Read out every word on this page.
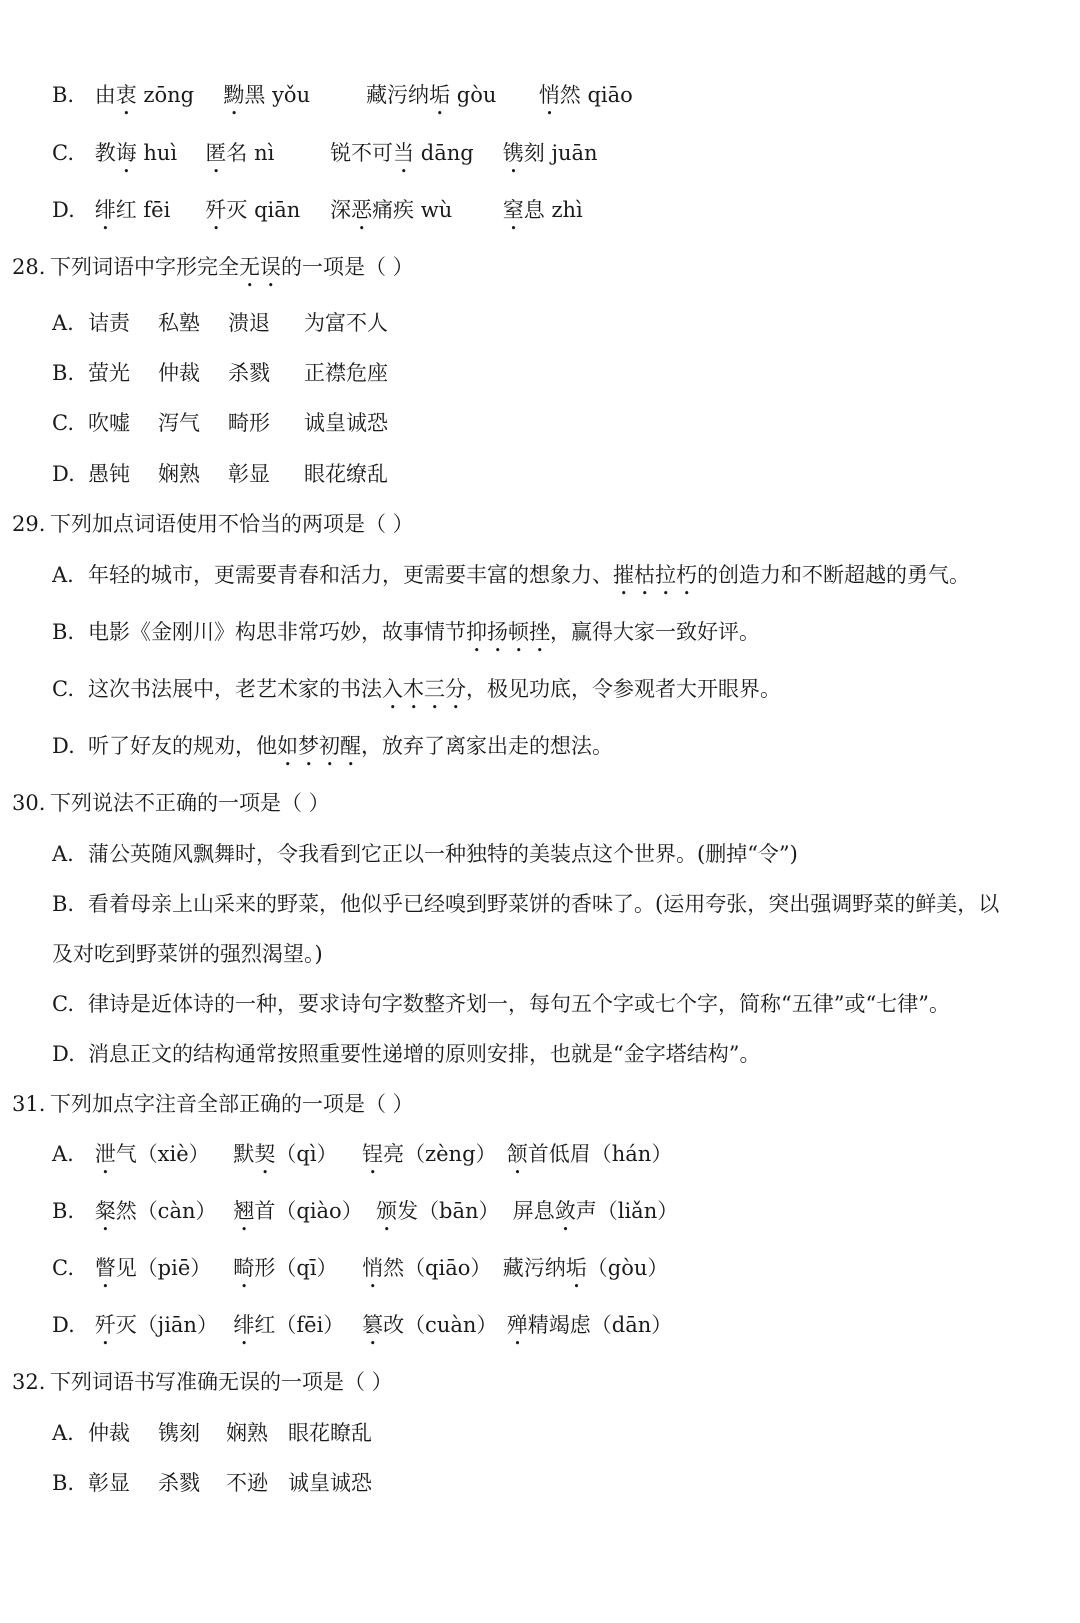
B. 由衷 zōng 黝黑 yǒu	藏污纳垢 gòu 悄然 qiāo
C. 教诲 huì 匿名 nì	锐不可当 dāng 镌刻 juān
D. 绯红 fēi 歼灭 qiān 深恶痛疾 wù 窒息 zhì
28. 下列词语中字形完全无误的一项是（ ）
A. 诘责 私塾 溃退 为富不人
B. 萤光 仲裁 杀戮 正襟危座
C. 吹嘘 泻气 畸形 诚皇诚恐
D. 愚钝 娴熟 彰显 眼花缭乱
29. 下列加点词语使用不恰当的两项是（ ）
A. 年轻的城市，更需要青春和活力，更需要丰富的想象力、摧枯拉朽的创造力和不断超越的勇气。
B. 电影《金刚川》构思非常巧妙，故事情节抑扬顿挫，赢得大家一致好评。
C. 这次书法展中，老艺术家的书法入木三分，极见功底，令参观者大开眼界。
D. 听了好友的规劝，他如梦初醒，放弃了离家出走的想法。
30. 下列说法不正确的一项是（ ）
A. 蒲公英随风飘舞时，令我看到它正以一种独特的美装点这个世界。(删掉“令”)
B. 看着母亲上山采来的野菜，他似乎已经嗅到野菜饼的香味了。(运用夸张，突出强调野菜的鲜美，以
及对吃到野菜饼的强烈渴望。)
C. 律诗是近体诗的一种，要求诗句字数整齐划一，每句五个字或七个字，简称“五律”或“七律”。
D. 消息正文的结构通常按照重要性递增的原则安排，也就是“金字塔结构”。
31. 下列加点字注音全部正确的一项是（ ）
A. 泄气（xiè） 默契（qì） 锃亮（zèng） 颔首低眉（hán）
B. 粲然（càn） 翘首（qiào） 颁发（bān） 屏息敛声（liǎn）
C. 瞥见（piē） 畸形（qī） 悄然（qiāo） 藏污纳垢（gòu）
D. 歼灭（jiān） 绯红（fēi） 篡改（cuàn） 殚精竭虑（dān）
32. 下列词语书写准确无误的一项是（ ）
A. 仲裁 镌刻 娴熟 眼花瞭乱
B. 彰显 杀戮 不逊 诚皇诚恐
